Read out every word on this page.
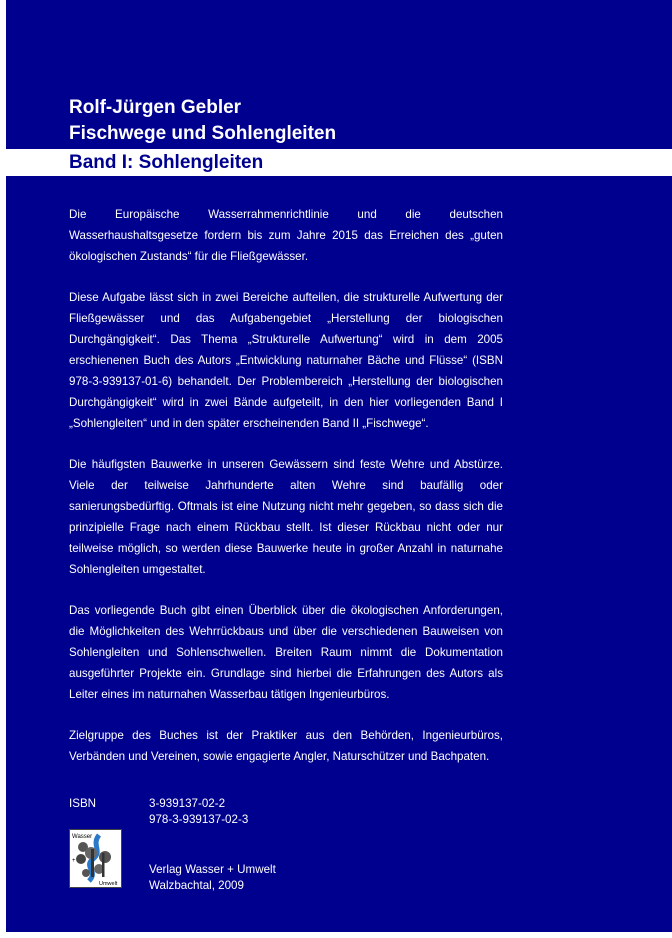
Rolf-Jürgen Gebler
Fischwege und Sohlengleiten
Band I: Sohlengleiten

Die Europäische Wasserrahmenrichtlinie und die deutschen Wasserhaushaltsgesetze fordern bis zum Jahre 2015 das Erreichen des „guten ökologischen Zustands“ für die Fließgewässer.

Diese Aufgabe lässt sich in zwei Bereiche aufteilen, die strukturelle Aufwertung der Fließgewässer und das Aufgabengebiet „Herstellung der biologischen Durchgängigkeit“. Das Thema „Strukturelle Aufwertung“ wird in dem 2005 erschienenen Buch des Autors „Entwicklung naturnaher Bäche und Flüsse“ (ISBN 978-3-939137-01-6) behandelt. Der Problembereich „Herstellung der biologischen Durchgängigkeit“ wird in zwei Bände aufgeteilt, in den hier vorliegenden Band I „Sohlengleiten“ und in den später erscheinenden Band II „Fischwege“.

Die häufigsten Bauwerke in unseren Gewässern sind feste Wehre und Abstürze. Viele der teilweise Jahrhunderte alten Wehre sind baufällig oder sanierungsbedürftig. Oftmals ist eine Nutzung nicht mehr gegeben, so dass sich die prinzipielle Frage nach einem Rückbau stellt. Ist dieser Rückbau nicht oder nur teilweise möglich, so werden diese Bauwerke heute in großer Anzahl in naturnahe Sohlengleiten umgestaltet.

Das vorliegende Buch gibt einen Überblick über die ökologischen Anforderungen, die Möglichkeiten des Wehrrückbaus und über die verschiedenen Bauweisen von Sohlengleiten und Sohlenschwellen. Breiten Raum nimmt die Dokumentation ausgeführter Projekte ein. Grundlage sind hierbei die Erfahrungen des Autors als Leiter eines im naturnahen Wasserbau tätigen Ingenieurbüros.

Zielgruppe des Buches ist der Praktiker aus den Behörden, Ingenieurbüros, Verbänden und Vereinen, sowie engagierte Angler, Naturschützer und Bachpaten.

ISBN	3-939137-02-2
978-3-939137-02-3
Wasser
+
Umwelt
Verlag Wasser + Umwelt
Walzbachtal, 2009
